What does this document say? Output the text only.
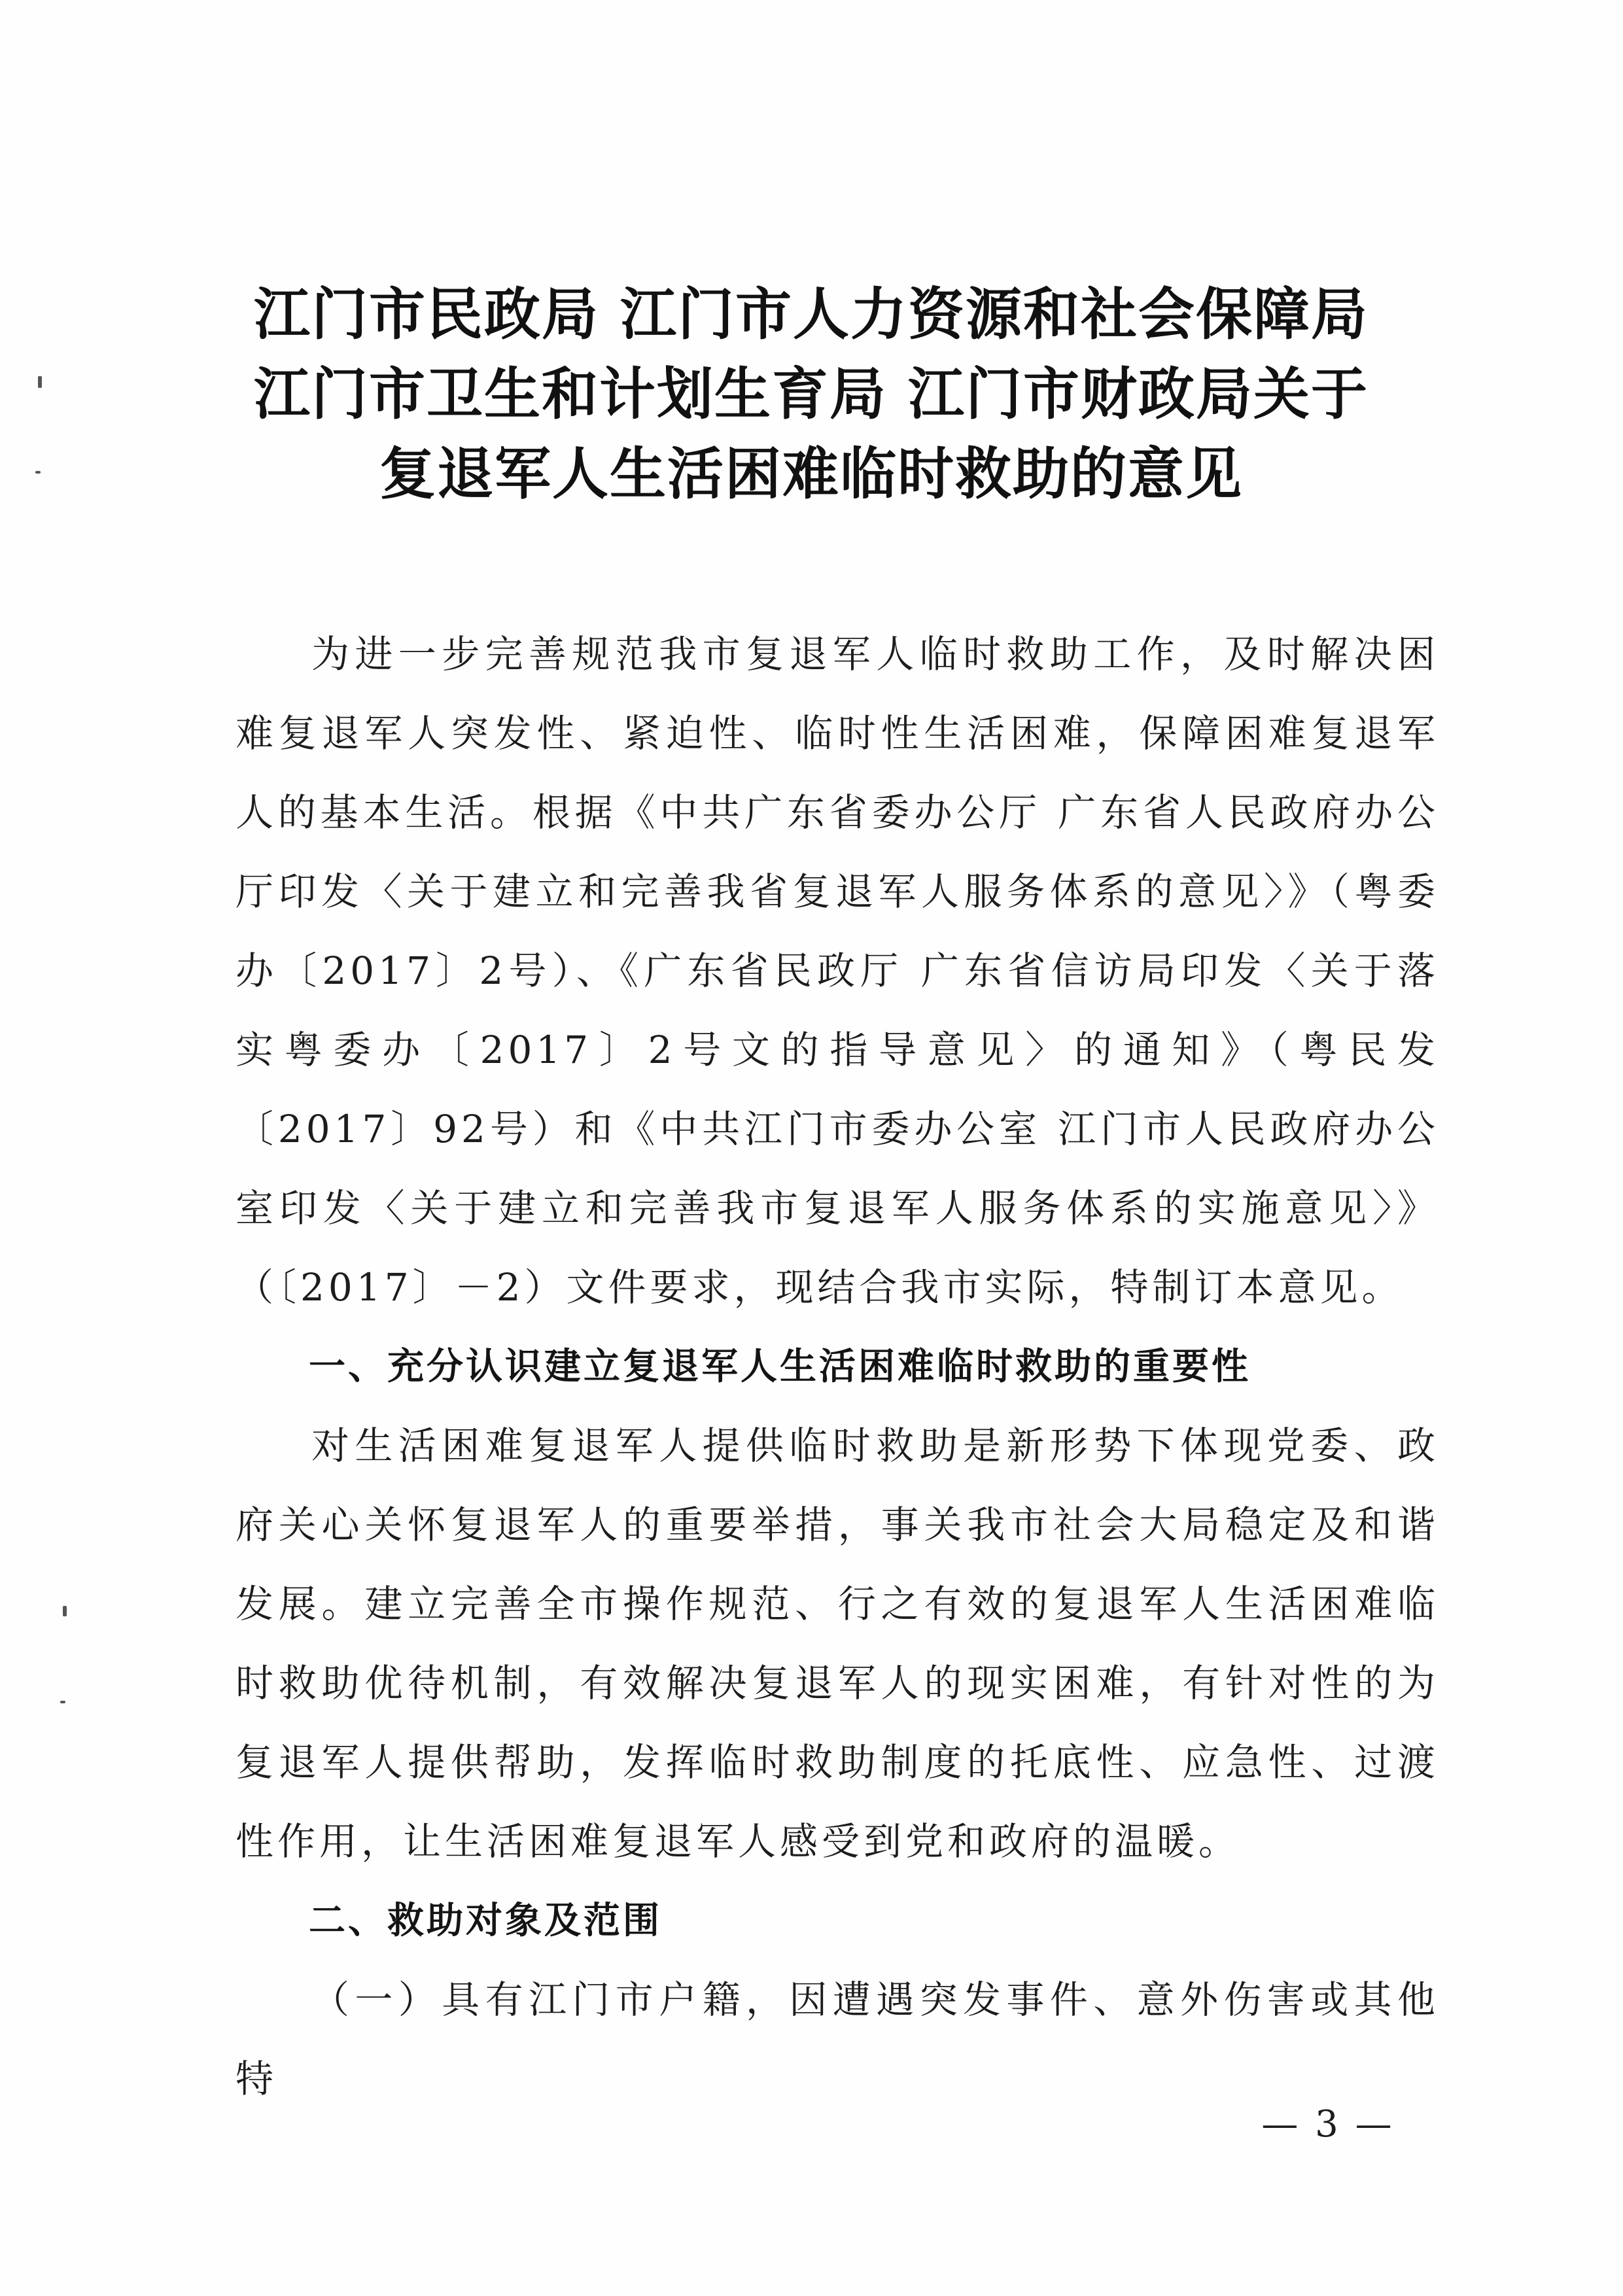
江门市民政局 江门市人力资源和社会保障局
江门市卫生和计划生育局 江门市财政局关于
复退军人生活困难临时救助的意见

为进一步完善规范我市复退军人临时救助工作，及时解决困难复退军人突发性、紧迫性、临时性生活困难，保障困难复退军人的基本生活。根据《中共广东省委办公厅 广东省人民政府办公厅印发〈关于建立和完善我省复退军人服务体系的意见〉》（粤委办〔2017〕2号）、《广东省民政厅 广东省信访局印发〈关于落实粤委办〔2017〕2号文的指导意见〉的通知》（粤民发〔2017〕92号）和《中共江门市委办公室 江门市人民政府办公室印发〈关于建立和完善我市复退军人服务体系的实施意见〉》（〔2017〕－2）文件要求，现结合我市实际，特制订本意见。

一、充分认识建立复退军人生活困难临时救助的重要性

对生活困难复退军人提供临时救助是新形势下体现党委、政府关心关怀复退军人的重要举措，事关我市社会大局稳定及和谐发展。建立完善全市操作规范、行之有效的复退军人生活困难临时救助优待机制，有效解决复退军人的现实困难，有针对性的为复退军人提供帮助，发挥临时救助制度的托底性、应急性、过渡性作用，让生活困难复退军人感受到党和政府的温暖。

二、救助对象及范围

（一）具有江门市户籍，因遭遇突发事件、意外伤害或其他特

— 3 —
